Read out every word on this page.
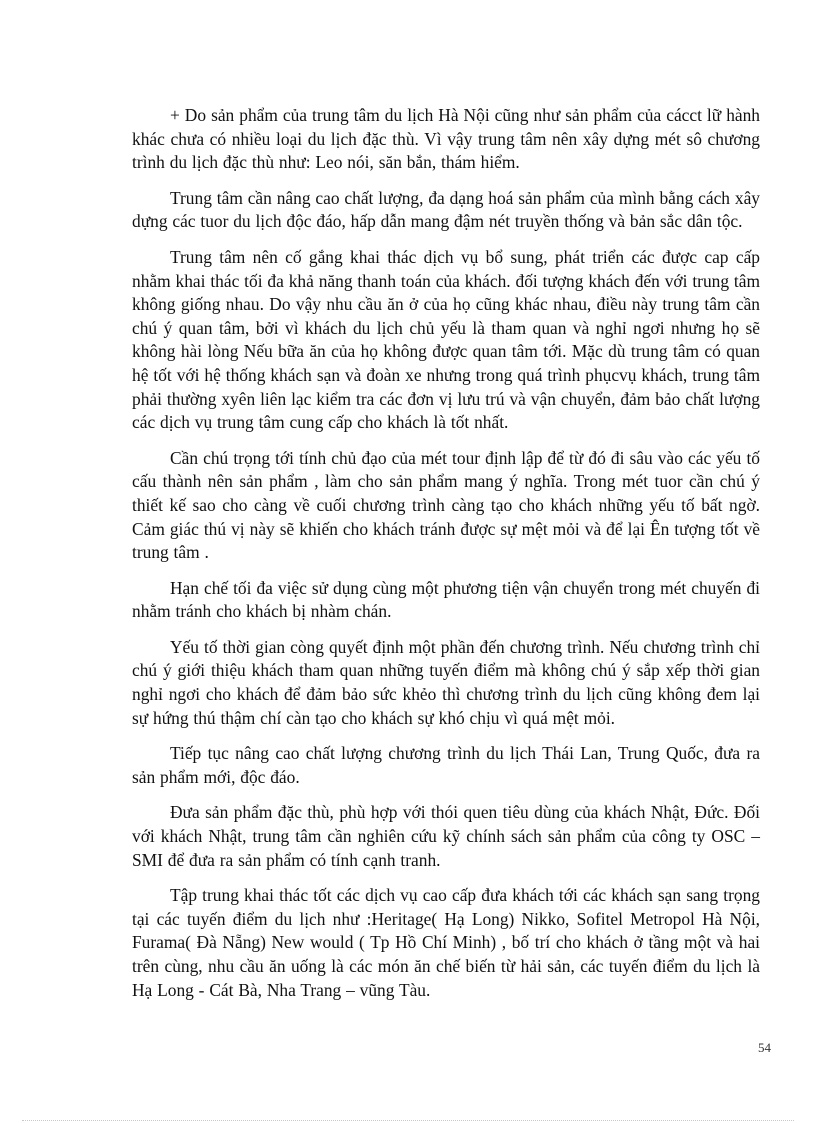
+ Do sản phẩm của trung tâm du lịch Hà Nội cũng như sản phẩm của cácct lữ hành khác chưa có nhiều loại du lịch đặc thù. Vì vậy trung tâm nên xây dựng mét sô chương trình du lịch đặc thù như: Leo nói, săn bắn, thám hiểm.

Trung tâm cần nâng cao chất lượng, đa dạng hoá sản phẩm của mình bằng cách xây dựng các tuor du lịch độc đáo, hấp dẫn mang đậm nét truyền thống và bản sắc dân tộc.

Trung tâm nên cố gắng khai thác dịch vụ bổ sung, phát triển các được cap cấp nhằm khai thác tối đa khả năng thanh toán của khách. đối tượng khách đến với trung tâm không giống nhau. Do vậy nhu cầu ăn ở của họ cũng khác nhau, điều này trung tâm cần chú ý quan tâm, bởi vì khách du lịch chủ yếu là tham quan và nghỉ ngơi nhưng họ sẽ không hài lòng Nếu bữa ăn của họ không được quan tâm tới. Mặc dù trung tâm có quan hệ tốt với hệ thống khách sạn và đoàn xe nhưng trong quá trình phụcvụ khách, trung tâm phải thường xyên liên lạc kiểm tra các đơn vị lưu trú và vận chuyển, đảm bảo chất lượng các dịch vụ trung tâm cung cấp cho khách là tốt nhất.

Cần chú trọng tới tính chủ đạo của mét tour định lập để từ đó đi sâu vào các yếu tố cấu thành nên sản phẩm , làm cho sản phẩm mang ý nghĩa. Trong mét tuor cần chú ý thiết kế sao cho càng về cuối chương trình càng tạo cho khách những yếu tố bất ngờ. Cảm giác thú vị này sẽ khiến cho khách tránh được sự mệt mỏi và để lại Ên tượng tốt về trung tâm .

Hạn chế tối đa việc sử dụng cùng một phương tiện vận chuyển trong mét chuyến đi nhằm tránh cho khách bị nhàm chán.

Yếu tố thời gian còng quyết định một phần đến chương trình. Nếu chương trình chỉ chú ý giới thiệu khách tham quan những tuyến điểm mà không chú ý sắp xếp thời gian nghỉ ngơi cho khách để đảm bảo sức khẻo thì chương trình du lịch cũng không đem lại sự hứng thú thậm chí càn tạo cho khách sự khó chịu vì quá mệt mỏi.

Tiếp tục nâng cao chất lượng chương trình du lịch Thái Lan, Trung Quốc, đưa ra sản phẩm mới, độc đáo.

Đưa sản phẩm đặc thù, phù hợp với thói quen tiêu dùng của khách Nhật, Đức. Đối với khách Nhật, trung tâm cần nghiên cứu kỹ chính sách sản phẩm của công ty OSC – SMI để đưa ra sản phẩm có tính cạnh tranh.

Tập trung khai thác tốt các dịch vụ cao cấp đưa khách tới các khách sạn sang trọng tại các tuyến điểm du lịch như :Heritage( Hạ Long) Nikko, Sofitel Metropol Hà Nội, Furama( Đà Nẵng) New would ( Tp Hồ Chí Minh) , bố trí cho khách ở tầng một và hai trên cùng, nhu cầu ăn uống là các món ăn chế biến từ hải sản, các tuyến điểm du lịch là Hạ Long - Cát Bà, Nha Trang – vũng Tàu.

54
